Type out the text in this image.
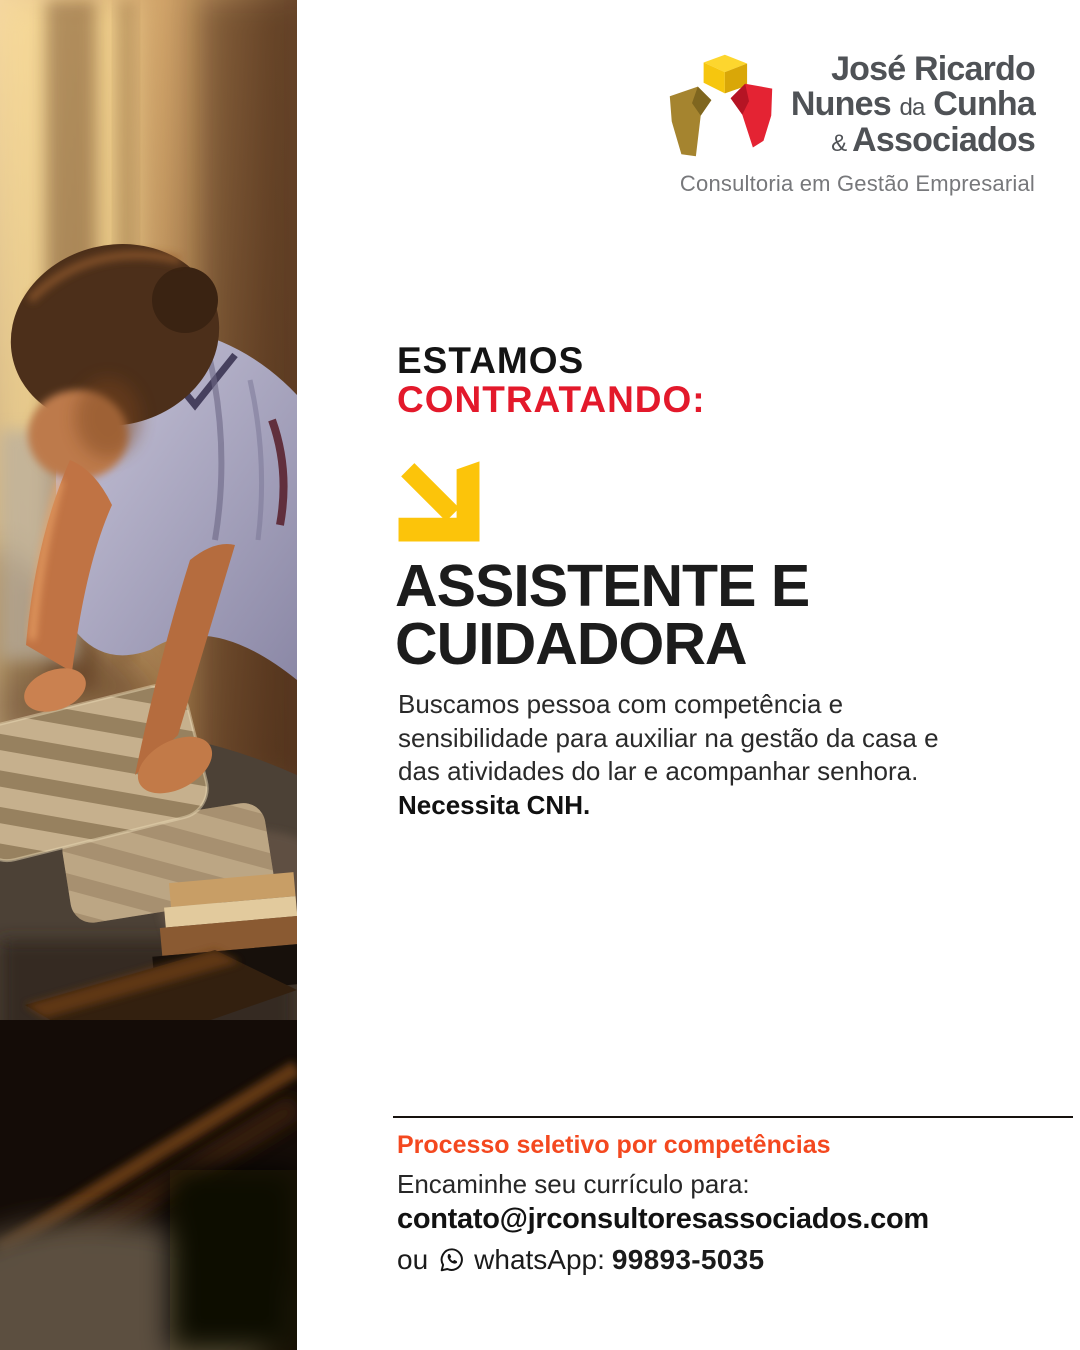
José Ricardo
Nunes da Cunha
& Associados
Consultoria em Gestão Empresarial
ESTAMOS
CONTRATANDO:
ASSISTENTE E
CUIDADORA
Buscamos pessoa com competência e
sensibilidade para auxiliar na gestão da casa e
das atividades do lar e acompanhar senhora.
Necessita CNH.
Processo seletivo por competências
Encaminhe seu currículo para:
contato@jrconsultoresassociados.com
ou whatsApp: 99893-5035
